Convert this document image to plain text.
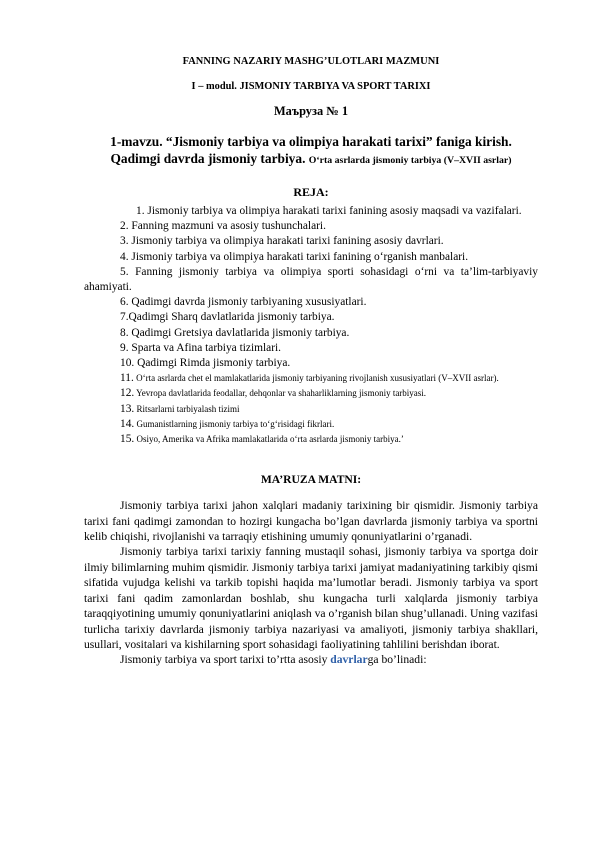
FANNING NAZARIY MASHG’ULOTLARI MAZMUNI

I – modul. JISMONIY TARBIYA VA SPORT TARIXI

Маъруза № 1

1-mavzu. “Jismoniy tarbiya va olimpiya harakati tarixi” faniga kirish.
Qadimgi davrda jismoniy tarbiya. O‘rta asrlarda jismoniy tarbiya (V–XVII asrlar)

REJA:

1. Jismoniy tarbiya va olimpiya harakati tarixi fanining asosiy maqsadi va vazifalari.
2. Fanning mazmuni va asosiy tushunchalari.
3. Jismoniy tarbiya va olimpiya harakati tarixi fanining asosiy davrlari.
4. Jismoniy tarbiya va olimpiya harakati tarixi fanining o‘rganish manbalari.
5. Fanning jismoniy tarbiya va olimpiya sporti sohasidagi o‘rni va ta’lim-tarbiyaviy ahamiyati.
6. Qadimgi davrda jismoniy tarbiyaning xususiyatlari.
7.Qadimgi Sharq davlatlarida jismoniy tarbiya.
8. Qadimgi Gretsiya davlatlarida jismoniy tarbiya.
9. Sparta va Afina tarbiya tizimlari.
10. Qadimgi Rimda jismoniy tarbiya.
11. O‘rta asrlarda chet el mamlakatlarida jismoniy tarbiyaning rivojlanish xususiyatlari (V–XVII asrlar).
12. Yevropa davlatlarida feodallar, dehqonlar va shaharliklarning jismoniy tarbiyasi.
13. Ritsarlarni tarbiyalash tizimi
14. Gumanistlarning jismoniy tarbiya to‘g‘risidagi fikrlari.
15. Osiyo, Amerika va Afrika mamlakatlarida o‘rta asrlarda jismoniy tarbiya.’

MA’RUZA MATNI:

Jismoniy tarbiya tarixi jahon xalqlari madaniy tarixining bir qismidir. Jismoniy tarbiya tarixi fani qadimgi zamondan to hozirgi kungacha bo’lgan davrlarda jismoniy tarbiya va sportni kelib chiqishi, rivojlanishi va tarraqiy etishining umumiy qonuniyatlarini o’rganadi.

Jismoniy tarbiya tarixi tarixiy fanning mustaqil sohasi, jismoniy tarbiya va sportga doir ilmiy bilimlarning muhim qismidir. Jismoniy tarbiya tarixi jamiyat madaniyatining tarkibiy qismi sifatida vujudga kelishi va tarkib topishi haqida ma’lumotlar beradi. Jismoniy tarbiya va sport tarixi fani qadim zamonlardan boshlab, shu kungacha turli xalqlarda jismoniy tarbiya taraqqiyotining umumiy qonuniyatlarini aniqlash va o’rganish bilan shug’ullanadi. Uning vazifasi turlicha tarixiy davrlarda jismoniy tarbiya nazariyasi va amaliyoti, jismoniy tarbiya shakllari, usullari, vositalari va kishilarning sport sohasidagi faoliyatining tahlilini berishdan iborat.

Jismoniy tarbiya va sport tarixi to’rtta asosiy davrlarga bo’linadi:
